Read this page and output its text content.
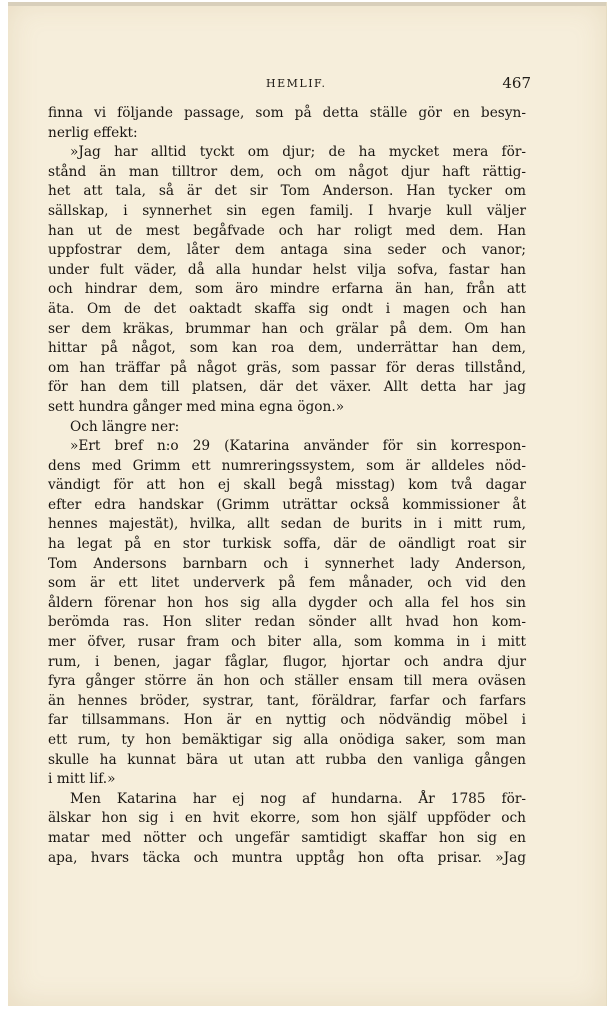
HEMLIF.	467
finna vi följande passage, som på detta ställe gör en besyn-
nerlig effekt:
»Jag har alltid tyckt om djur; de ha mycket mera för-
stånd än man tilltror dem, och om något djur haft rättig-
het att tala, så är det sir Tom Anderson. Han tycker om
sällskap, i synnerhet sin egen familj. I hvarje kull väljer
han ut de mest begåfvade och har roligt med dem. Han
uppfostrar dem, låter dem antaga sina seder och vanor;
under fult väder, då alla hundar helst vilja sofva, fastar han
och hindrar dem, som äro mindre erfarna än han, från att
äta. Om de det oaktadt skaffa sig ondt i magen och han
ser dem kräkas, brummar han och grälar på dem. Om han
hittar på något, som kan roa dem, underrättar han dem,
om han träffar på något gräs, som passar för deras tillstånd,
för han dem till platsen, där det växer. Allt detta har jag
sett hundra gånger med mina egna ögon.»
Och längre ner:
»Ert bref n:o 29 (Katarina använder för sin korrespon-
dens med Grimm ett numreringssystem, som är alldeles nöd-
vändigt för att hon ej skall begå misstag) kom två dagar
efter edra handskar (Grimm uträttar också kommissioner åt
hennes majestät), hvilka, allt sedan de burits in i mitt rum,
ha legat på en stor turkisk soffa, där de oändligt roat sir
Tom Andersons barnbarn och i synnerhet lady Anderson,
som är ett litet underverk på fem månader, och vid den
åldern förenar hon hos sig alla dygder och alla fel hos sin
berömda ras. Hon sliter redan sönder allt hvad hon kom-
mer öfver, rusar fram och biter alla, som komma in i mitt
rum, i benen, jagar fåglar, flugor, hjortar och andra djur
fyra gånger större än hon och ställer ensam till mera oväsen
än hennes bröder, systrar, tant, föräldrar, farfar och farfars
far tillsammans. Hon är en nyttig och nödvändig möbel i
ett rum, ty hon bemäktigar sig alla onödiga saker, som man
skulle ha kunnat bära ut utan att rubba den vanliga gången
i mitt lif.»
Men Katarina har ej nog af hundarna. År 1785 för-
älskar hon sig i en hvit ekorre, som hon själf uppföder och
matar med nötter och ungefär samtidigt skaffar hon sig en
apa, hvars täcka och muntra upptåg hon ofta prisar. »Jag
